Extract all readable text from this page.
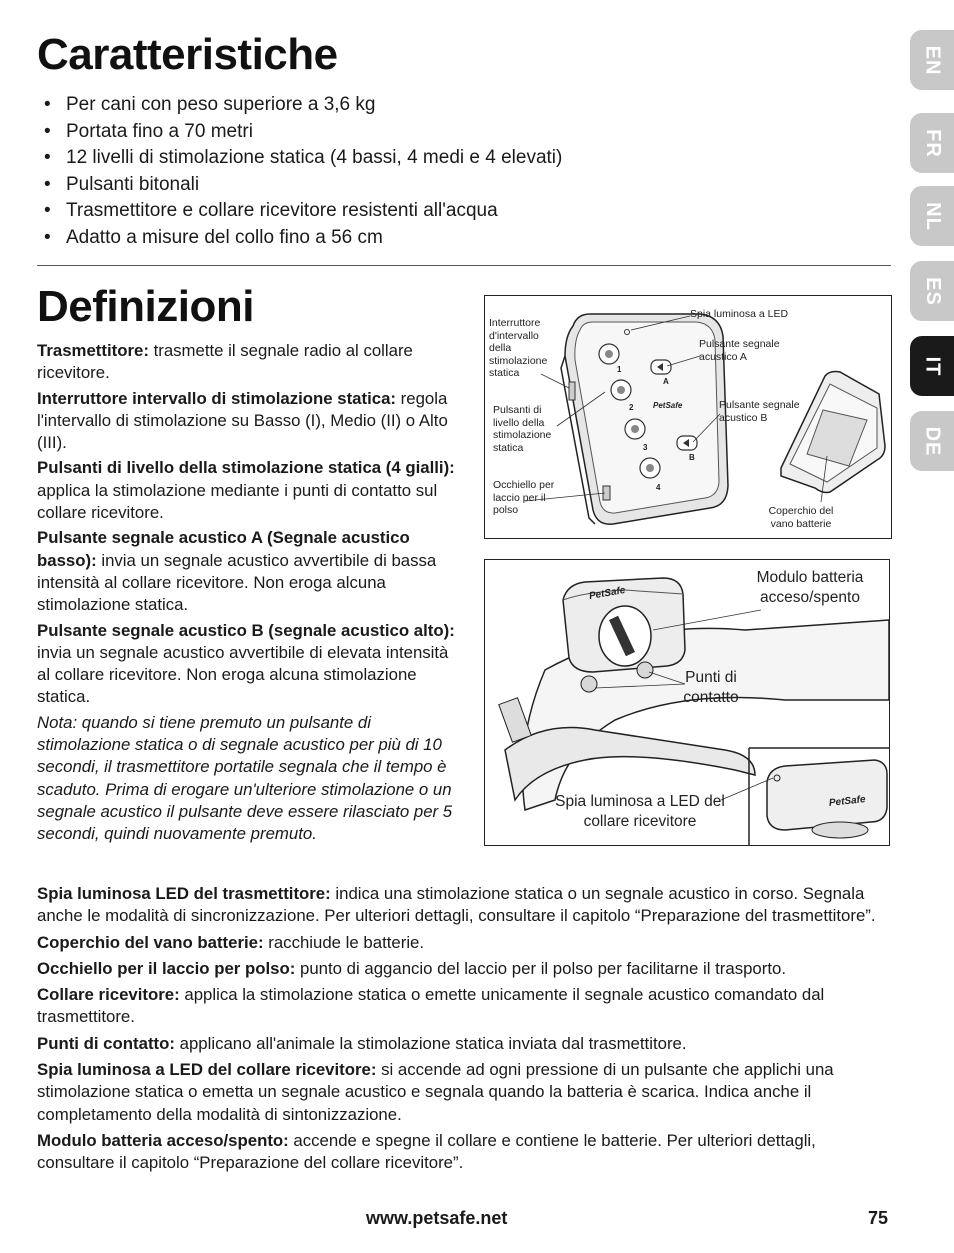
Caratteristiche
• Per cani con peso superiore a 3,6 kg
• Portata fino a 70 metri
• 12 livelli di stimolazione statica (4 bassi, 4 medi e 4 elevati)
• Pulsanti bitonali
• Trasmettitore e collare ricevitore resistenti all'acqua
• Adatto a misure del collo fino a 56 cm
Definizioni

Trasmettitore: trasmette il segnale radio al collare ricevitore.

Interruttore intervallo di stimolazione statica: regola l'intervallo di stimolazione su Basso (I), Medio (II) o Alto (III).

Pulsanti di livello della stimolazione statica (4 gialli): applica la stimolazione mediante i punti di contatto sul collare ricevitore.

Pulsante segnale acustico A (Segnale acustico basso): invia un segnale acustico avvertibile di bassa intensità al collare ricevitore. Non eroga alcuna stimolazione statica.

Pulsante segnale acustico B (segnale acustico alto): invia un segnale acustico avvertibile di elevata intensità al collare ricevitore. Non eroga alcuna stimolazione statica.

Nota: quando si tiene premuto un pulsante di stimolazione statica o di segnale acustico per più di 10 secondi, il trasmettitore portatile segnala che il tempo è scaduto. Prima di erogare un'ulteriore stimolazione o un segnale acustico il pulsante deve essere rilasciato per 5 secondi, quindi nuovamente premuto.

Interruttore d'intervallo della stimolazione statica
Pulsanti di livello della stimolazione statica
Occhiello per laccio per il polso
Spia luminosa a LED
Pulsante segnale acustico A
Pulsante segnale acustico B
Coperchio del vano batterie
1
2
3
4
A
B
PetSafe
Modulo batteria acceso/spento
Punti di contatto
Spia luminosa a LED del collare ricevitore
PetSafe
PetSafe

Spia luminosa LED del trasmettitore: indica una stimolazione statica o un segnale acustico in corso. Segnala anche le modalità di sincronizzazione. Per ulteriori dettagli, consultare il capitolo “Preparazione del trasmettitore”.

Coperchio del vano batterie: racchiude le batterie.

Occhiello per il laccio per polso: punto di aggancio del laccio per il polso per facilitarne il trasporto.

Collare ricevitore: applica la stimolazione statica o emette unicamente il segnale acustico comandato dal trasmettitore.

Punti di contatto: applicano all'animale la stimolazione statica inviata dal trasmettitore.

Spia luminosa a LED del collare ricevitore: si accende ad ogni pressione di un pulsante che applichi una stimolazione statica o emetta un segnale acustico e segnala quando la batteria è scarica. Indica anche il completamento della modalità di sintonizzazione.

Modulo batteria acceso/spento: accende e spegne il collare e contiene le batterie. Per ulteriori dettagli, consultare il capitolo “Preparazione del collare ricevitore”.

EN
FR
NL
ES
IT
DE
www.petsafe.net	75
